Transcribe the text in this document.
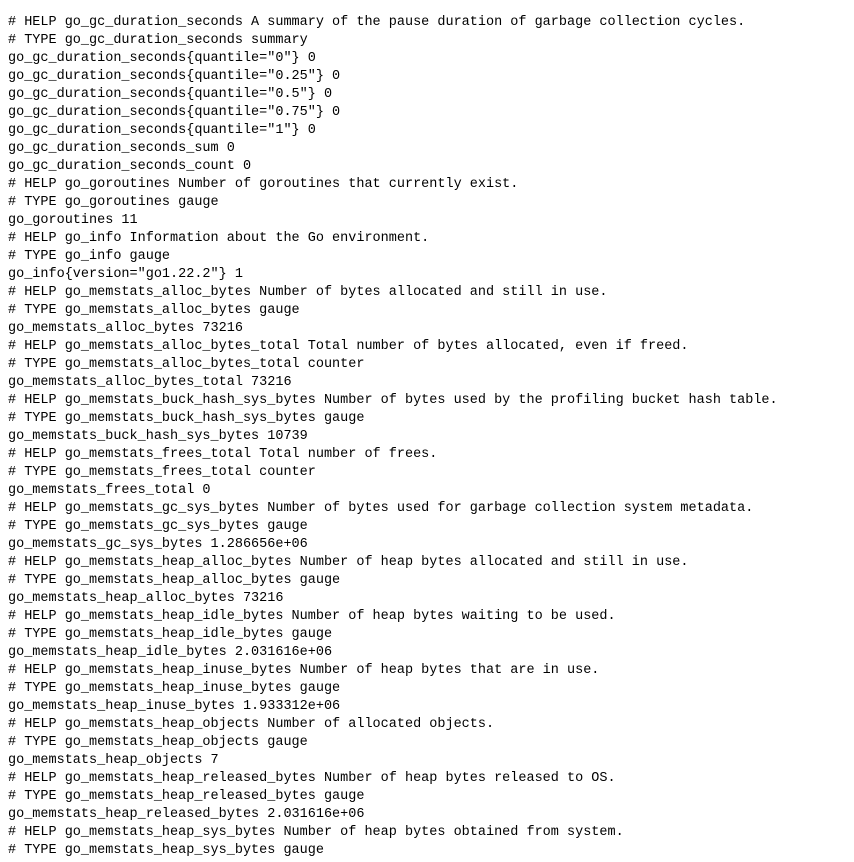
# HELP go_gc_duration_seconds A summary of the pause duration of garbage collection cycles.
# TYPE go_gc_duration_seconds summary
go_gc_duration_seconds{quantile="0"} 0
go_gc_duration_seconds{quantile="0.25"} 0
go_gc_duration_seconds{quantile="0.5"} 0
go_gc_duration_seconds{quantile="0.75"} 0
go_gc_duration_seconds{quantile="1"} 0
go_gc_duration_seconds_sum 0
go_gc_duration_seconds_count 0
# HELP go_goroutines Number of goroutines that currently exist.
# TYPE go_goroutines gauge
go_goroutines 11
# HELP go_info Information about the Go environment.
# TYPE go_info gauge
go_info{version="go1.22.2"} 1
# HELP go_memstats_alloc_bytes Number of bytes allocated and still in use.
# TYPE go_memstats_alloc_bytes gauge
go_memstats_alloc_bytes 73216
# HELP go_memstats_alloc_bytes_total Total number of bytes allocated, even if freed.
# TYPE go_memstats_alloc_bytes_total counter
go_memstats_alloc_bytes_total 73216
# HELP go_memstats_buck_hash_sys_bytes Number of bytes used by the profiling bucket hash table.
# TYPE go_memstats_buck_hash_sys_bytes gauge
go_memstats_buck_hash_sys_bytes 10739
# HELP go_memstats_frees_total Total number of frees.
# TYPE go_memstats_frees_total counter
go_memstats_frees_total 0
# HELP go_memstats_gc_sys_bytes Number of bytes used for garbage collection system metadata.
# TYPE go_memstats_gc_sys_bytes gauge
go_memstats_gc_sys_bytes 1.286656e+06
# HELP go_memstats_heap_alloc_bytes Number of heap bytes allocated and still in use.
# TYPE go_memstats_heap_alloc_bytes gauge
go_memstats_heap_alloc_bytes 73216
# HELP go_memstats_heap_idle_bytes Number of heap bytes waiting to be used.
# TYPE go_memstats_heap_idle_bytes gauge
go_memstats_heap_idle_bytes 2.031616e+06
# HELP go_memstats_heap_inuse_bytes Number of heap bytes that are in use.
# TYPE go_memstats_heap_inuse_bytes gauge
go_memstats_heap_inuse_bytes 1.933312e+06
# HELP go_memstats_heap_objects Number of allocated objects.
# TYPE go_memstats_heap_objects gauge
go_memstats_heap_objects 7
# HELP go_memstats_heap_released_bytes Number of heap bytes released to OS.
# TYPE go_memstats_heap_released_bytes gauge
go_memstats_heap_released_bytes 2.031616e+06
# HELP go_memstats_heap_sys_bytes Number of heap bytes obtained from system.
# TYPE go_memstats_heap_sys_bytes gauge
